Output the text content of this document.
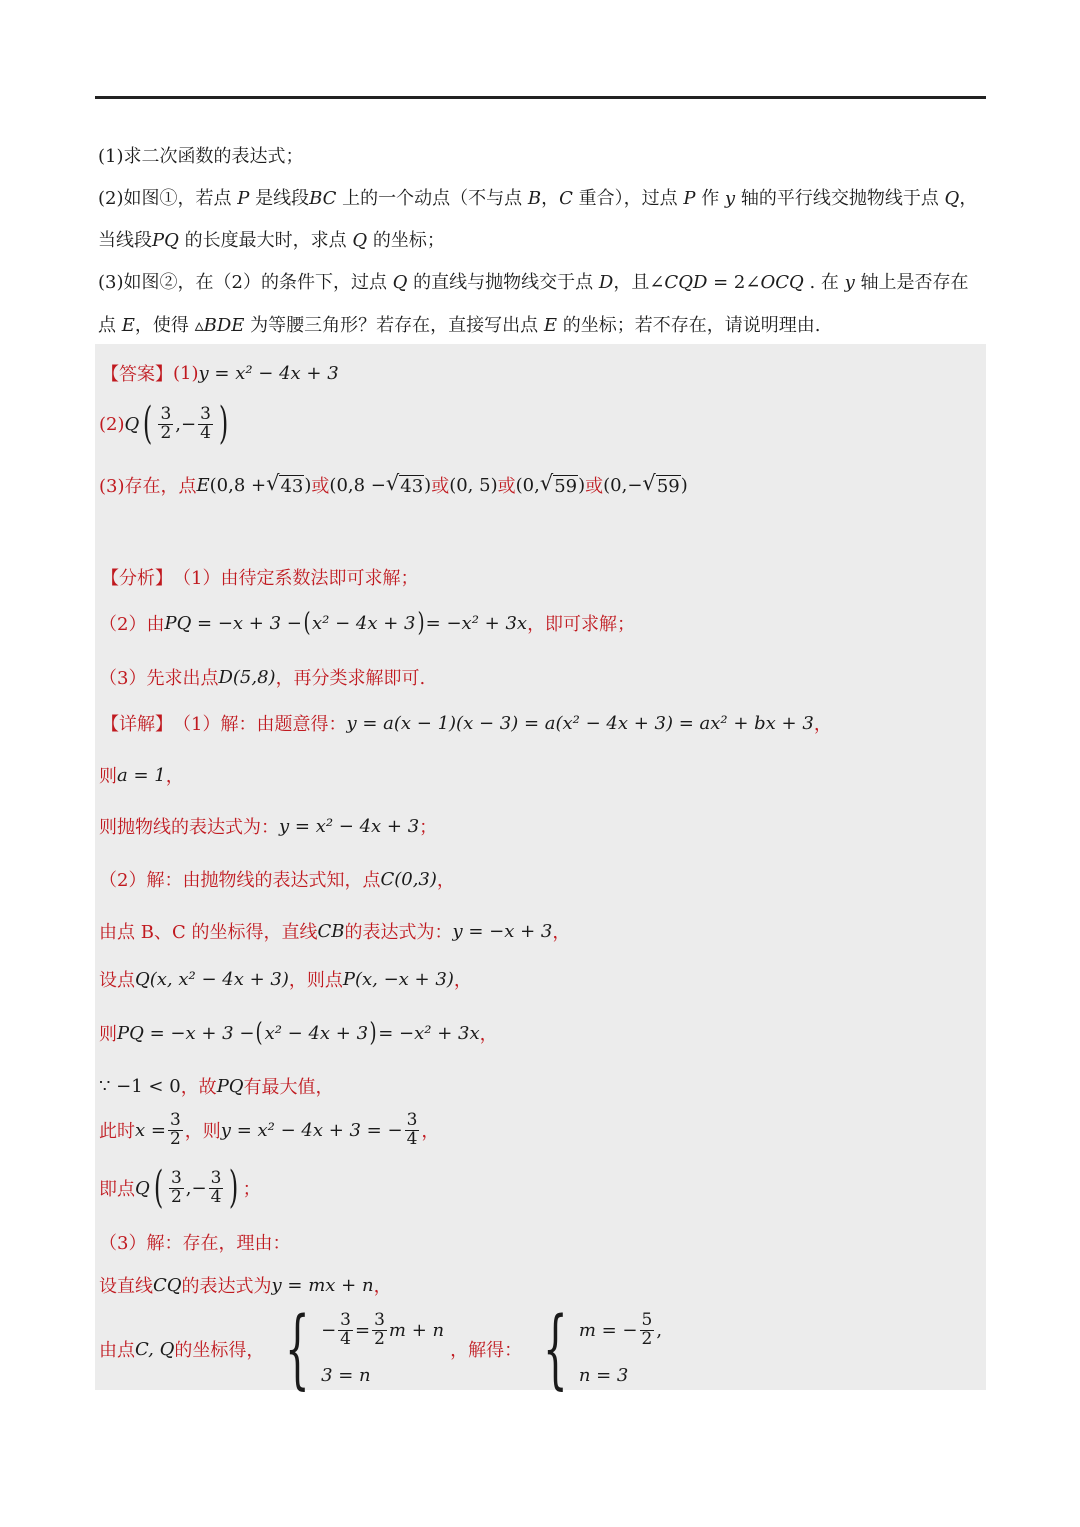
(1)求二次函数的表达式；
(2)如图①，若点 P 是线段BC 上的一个动点（不与点 B，C 重合），过点 P 作 y 轴的平行线交抛物线于点 Q，
当线段PQ 的长度最大时，求点 Q 的坐标；
(3)如图②，在（2）的条件下，过点 Q 的直线与抛物线交于点 D，且∠CQD = 2∠OCQ . 在 y 轴上是否存在
点 E，使得 ▵BDE 为等腰三角形？若存在，直接写出点 E 的坐标；若不存在，请说明理由.
【答案】 (1) y = x² − 4x + 3
(2) Q ( $\frac{3}{2}$ ,− $\frac{3}{4}$ )
(3)存在，点 E (0,8 + √ 43 ) 或 (0,8 − √ 43 ) 或 (0, 5) 或 (0, √ 59 ) 或 (0,− √ 59 )
【分析】 （1）由待定系数法即可求解；
（2）由 PQ = −x + 3 − ( x² − 4x + 3 ) = −x² + 3x ，即可求解；
（3）先求出点 D(5,8) ，再分类求解即可.
【详解】 （1）解：由题意得： y = a(x − 1)(x − 3) = a(x² − 4x + 3) = ax² + bx + 3 ，
则 a = 1 ，
则抛物线的表达式为： y = x² − 4x + 3 ；
（2）解：由抛物线的表达式知，点 C(0,3) ，
由点 B、C 的坐标得，直线 CB 的表达式为： y = −x + 3 ，
设点 Q(x, x² − 4x + 3) ，则点 P(x, −x + 3) ，
则 PQ = −x + 3 − ( x² − 4x + 3 ) = −x² + 3x ，
∵ −1 < 0 ，故 PQ 有最大值，
此时 $x = \frac{3}{2}$ ，则 y = x² − 4x + 3 = − $\frac{3}{4}$ ，
即点 Q ( $\frac{3}{2}$ ,− $\frac{3}{4}$ ) ；
（3）解：存在，理由：
设直线 CQ 的表达式为 y = mx + n ，
由点 C, Q 的坐标得， { − $\frac{3}{4} = \frac{3}{2}$ m + n
3 = n
，解得： { m = − $\frac{5}{2}$ ,
n = 3
